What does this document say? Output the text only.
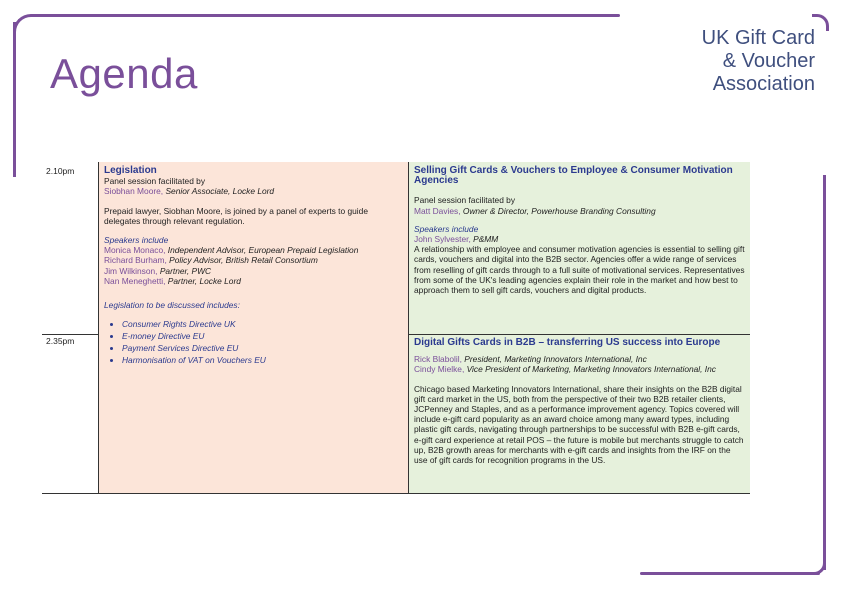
Agenda
UK Gift Card
& Voucher
Association
2.10pm
2.35pm
Legislation
Panel session facilitated by
Siobhan Moore, Senior Associate, Locke Lord
Prepaid lawyer, Siobhan Moore, is joined by a panel of experts to guide delegates through relevant regulation.
Speakers include
Monica Monaco, Independent Advisor, European Prepaid Legislation
Richard Burham, Policy Advisor, British Retail Consortium
Jim Wilkinson, Partner, PWC
Nan Meneghetti, Partner, Locke Lord
Legislation to be discussed includes:
• Consumer Rights Directive UK
• E-money Directive EU
• Payment Services Directive EU
• Harmonisation of VAT on Vouchers EU
Selling Gift Cards & Vouchers to Employee & Consumer Motivation Agencies
Panel session facilitated by
Matt Davies, Owner & Director, Powerhouse Branding Consulting
Speakers include
John Sylvester, P&MM
A relationship with employee and consumer motivation agencies is essential to selling gift cards, vouchers and digital into the B2B sector. Agencies offer a wide range of services from reselling of gift cards through to a full suite of motivational services. Representatives from some of the UK's leading agencies explain their role in the market and how best to approach them to sell gift cards, vouchers and digital products.
Digital Gifts Cards in B2B – transferring US success into Europe
Rick Blabolil, President, Marketing Innovators International, Inc
Cindy Mielke, Vice President of Marketing, Marketing Innovators International, Inc
Chicago based Marketing Innovators International, share their insights on the B2B digital gift card market in the US, both from the perspective of their two B2B retailer clients, JCPenney and Staples, and as a performance improvement agency. Topics covered will include e-gift card popularity as an award choice among many award types, including plastic gift cards, navigating through partnerships to be successful with B2B e-gift cards, e-gift card experience at retail POS – the future is mobile but merchants struggle to catch up, B2B growth areas for merchants with e-gift cards and insights from the IRF on the use of gift cards for recognition programs in the US.
